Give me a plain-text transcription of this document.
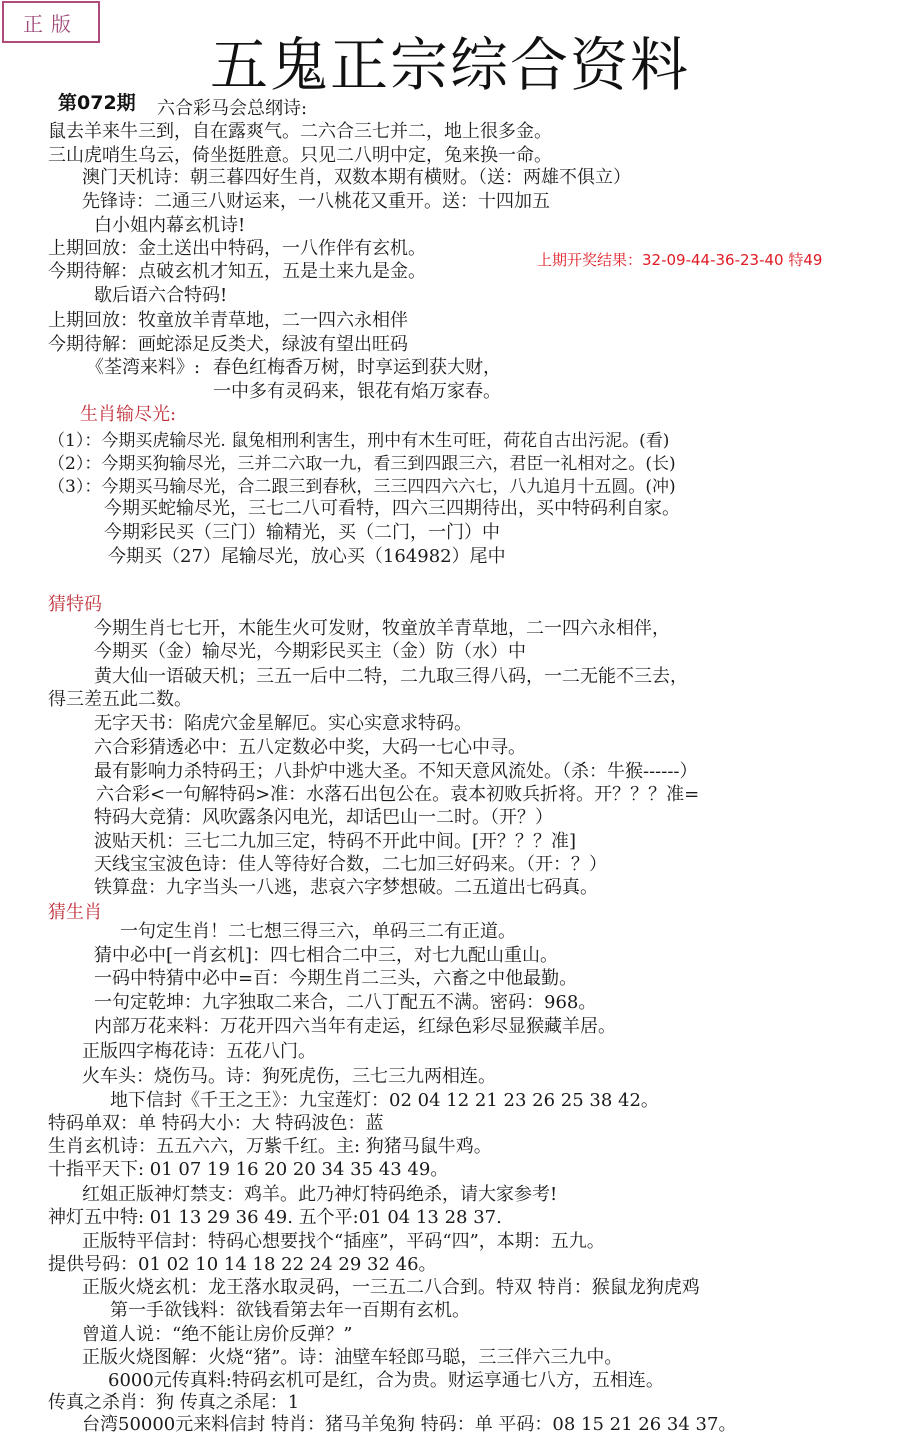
正版
五鬼正宗综合资料
第072期
上期开奖结果：32-09-44-36-23-40 特49
六合彩马会总纲诗:
鼠去羊来牛三到，自在露爽气。二六合三七并二，地上很多金。
三山虎哨生乌云，倚坐挺胜意。只见二八明中定，兔来换一命。
澳门天机诗：朝三暮四好生肖，双数本期有横财。（送：两雄不俱立）
先锋诗：二通三八财运来，一八桃花又重开。送：十四加五
白小姐内幕玄机诗!
上期回放：金土送出中特码，一八作伴有玄机。
今期待解：点破玄机才知五，五是土来九是金。
歇后语六合特码!
上期回放：牧童放羊青草地，二一四六永相伴
今期待解：画蛇添足反类犬，绿波有望出旺码
《荃湾来料》: 春色红梅香万树，时享运到获大财，
一中多有灵码来，银花有焰万家春。
生肖输尽光:
（1）：今期买虎输尽光. 鼠兔相刑利害生，刑中有木生可旺，荷花自古出污泥。(看)
（2）：今期买狗输尽光，三并二六取一九，看三到四跟三六，君臣一礼相对之。(长)
（3）：今期买马输尽光，合二跟三到春秋，三三四四六六七，八九追月十五圆。(冲)
今期买蛇输尽光，三七二八可看特，四六三四期待出，买中特码利自家。
今期彩民买（三门）输精光，买（二门，一门）中
今期买（27）尾输尽光，放心买（164982）尾中
猜特码
今期生肖七七开，木能生火可发财，牧童放羊青草地，二一四六永相伴，
今期买（金）输尽光，今期彩民买主（金）防（水）中
黄大仙一语破天机；三五一后中二特，二九取三得八码，一二无能不三去，
得三差五此二数。
无字天书：陷虎穴金星解厄。实心实意求特码。
六合彩猜透必中：五八定数必中奖，大码一七心中寻。
最有影响力杀特码王；八卦炉中逃大圣。不知天意风流处。（杀：牛猴------）
六合彩<一句解特码>准：水落石出包公在。袁本初败兵折将。开？？？准=
特码大竞猜：风吹露条闪电光，却话巴山一二时。（开？）
波贴天机：三七二九加三定，特码不开此中间。[开？？？准]
天线宝宝波色诗：佳人等待好合数，二七加三好码来。（开：？）
铁算盘：九字当头一八逃，悲哀六字梦想破。二五道出七码真。
猜生肖
一句定生肖！二七想三得三六，单码三二有正道。
猜中必中[一肖玄机]：四七相合二中三，对七九配山重山。
一码中特猜中必中=百：今期生肖二三头，六畜之中他最勤。
一句定乾坤：九字独取二来合，二八丁配五不满。密码：968。
内部万花来料：万花开四六当年有走运，红绿色彩尽显猴藏羊居。
正版四字梅花诗：五花八门。
火车头：烧伤马。诗：狗死虎伤，三七三九两相连。
地下信封《千王之王》：九宝莲灯：02 04 12 21 23 26 25 38 42。
特码单双：单 特码大小：大 特码波色：蓝
生肖玄机诗：五五六六，万紫千红。主: 狗猪马鼠牛鸡。
十指平天下: 01 07 19 16 20 20 34 35 43 49。
红姐正版神灯禁支：鸡羊。此乃神灯特码绝杀，请大家参考!
神灯五中特: 01 13 29 36 49. 五个平:01 04 13 28 37.
正版特平信封：特码心想要找个“插座”，平码“四”，本期：五九。
提供号码：01 02 10 14 18 22 24 29 32 46。
正版火烧玄机：龙王落水取灵码，一三五二八合到。特双 特肖：猴鼠龙狗虎鸡
第一手欲钱料：欲钱看第去年一百期有玄机。
曾道人说：“绝不能让房价反弹？”
正版火烧图解：火烧“猪”。诗：油壁车轻郎马聪，三三伴六三九中。
6000元传真料:特码玄机可是红，合为贵。财运享通七八方，五相连。
传真之杀肖：狗 传真之杀尾：1
台湾50000元来料信封 特肖：猪马羊兔狗 特码：单 平码：08 15 21 26 34 37。
